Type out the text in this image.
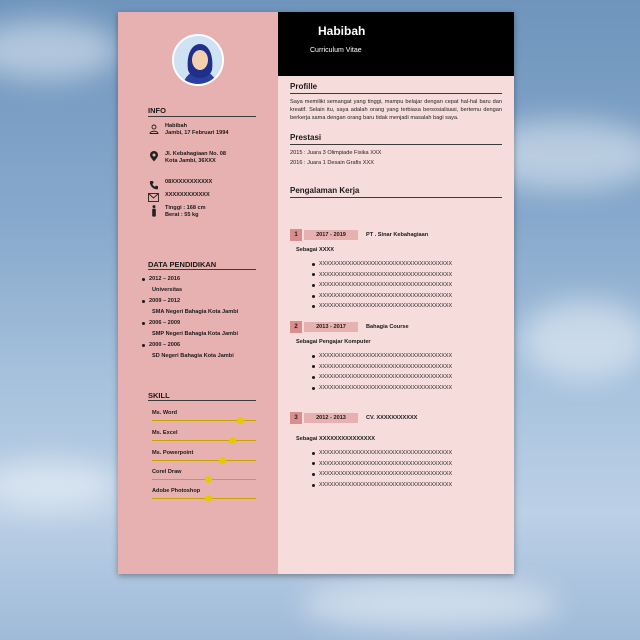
Habibah
Curriculum Vitae
INFO
Habibah
Jambi, 17 Februari 1994
Jl. Kebahagiaan No. 08
Kota Jambi, 36XXX
08XXXXXXXXXXX
XXXXXXXXXXXX
Tinggi : 168 cm
Berat : 55 kg
DATA PENDIDIKAN
2012 – 2016
Universitas
2009 – 2012
SMA Negeri Bahagia Kota Jambi
2006 – 2009
SMP Negeri Bahagia Kota Jambi
2000 – 2006
SD Negeri Bahagia Kota Jambi
SKILL
Ms. Word
Ms. Excel
Ms. Powerpoint
Corel Draw
Adobe Photoshop
Profille
Saya memiliki semangat yang tinggi, mampu belajar dengan cepat hal-hal baru dan kreatif. Selain itu, saya adalah orang yang terbiasa bersosialisasi, bertemu dengan berkerja sama dengan orang baru tidak menjadi masalah bagi saya.
Prestasi
2015 : Juara 3 Olimpiade Fisika XXX
2016 : Juara 1 Desain Grafis XXX
Pengalaman Kerja
1	2017 - 2019	PT . Sinar Kebahagiaan
Sebagai XXXX
XXXXXXXXXXXXXXXXXXXXXXXXXXXXXXXXXXXXX
XXXXXXXXXXXXXXXXXXXXXXXXXXXXXXXXXXXXX
XXXXXXXXXXXXXXXXXXXXXXXXXXXXXXXXXXXXX
XXXXXXXXXXXXXXXXXXXXXXXXXXXXXXXXXXXXX
XXXXXXXXXXXXXXXXXXXXXXXXXXXXXXXXXXXXX
2	2013 - 2017	Bahagia Course
Sebagai Pengajar Komputer
XXXXXXXXXXXXXXXXXXXXXXXXXXXXXXXXXXXXX
XXXXXXXXXXXXXXXXXXXXXXXXXXXXXXXXXXXXX
XXXXXXXXXXXXXXXXXXXXXXXXXXXXXXXXXXXXX
XXXXXXXXXXXXXXXXXXXXXXXXXXXXXXXXXXXXX
3	2012 - 2013	CV. XXXXXXXXXXX
Sebagai XXXXXXXXXXXXXXX
XXXXXXXXXXXXXXXXXXXXXXXXXXXXXXXXXXXXX
XXXXXXXXXXXXXXXXXXXXXXXXXXXXXXXXXXXXX
XXXXXXXXXXXXXXXXXXXXXXXXXXXXXXXXXXXXX
XXXXXXXXXXXXXXXXXXXXXXXXXXXXXXXXXXXXX
